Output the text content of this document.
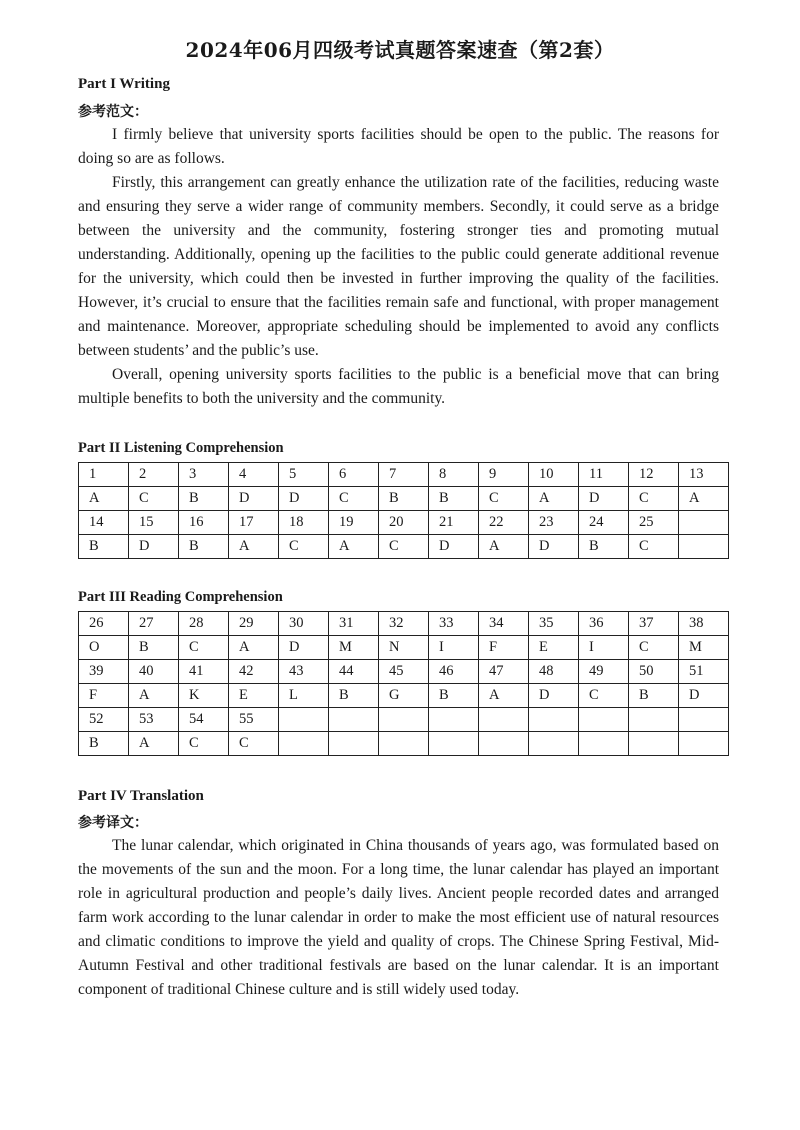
2024年06月四级考试真题答案速查（第2套）
Part I Writing
参考范文：

I firmly believe that university sports facilities should be open to the public. The reasons for doing so are as follows.

Firstly, this arrangement can greatly enhance the utilization rate of the facilities, reducing waste and ensuring they serve a wider range of community members. Secondly, it could serve as a bridge between the university and the community, fostering stronger ties and promoting mutual understanding. Additionally, opening up the facilities to the public could generate additional revenue for the university, which could then be invested in further improving the quality of the facilities. However, it’s crucial to ensure that the facilities remain safe and functional, with proper management and maintenance. Moreover, appropriate scheduling should be implemented to avoid any conflicts between students’ and the public’s use.

Overall, opening university sports facilities to the public is a beneficial move that can bring multiple benefits to both the university and the community.

Part II Listening Comprehension
1	2	3	4	5	6	7	8	9	10	11	12	13
A	C	B	D	D	C	B	B	C	A	D	C	A
14	15	16	17	18	19	20	21	22	23	24	25	
B	D	B	A	C	A	C	D	A	D	B	C	
Part III Reading Comprehension
26	27	28	29	30	31	32	33	34	35	36	37	38
O	B	C	A	D	M	N	I	F	E	I	C	M
39	40	41	42	43	44	45	46	47	48	49	50	51
F	A	K	E	L	B	G	B	A	D	C	B	D
52	53	54	55									
B	A	C	C									
Part IV Translation
参考译文：

The lunar calendar, which originated in China thousands of years ago, was formulated based on the movements of the sun and the moon. For a long time, the lunar calendar has played an important role in agricultural production and people’s daily lives. Ancient people recorded dates and arranged farm work according to the lunar calendar in order to make the most efficient use of natural resources and climatic conditions to improve the yield and quality of crops. The Chinese Spring Festival, Mid-Autumn Festival and other traditional festivals are based on the lunar calendar. It is an important component of traditional Chinese culture and is still widely used today.
